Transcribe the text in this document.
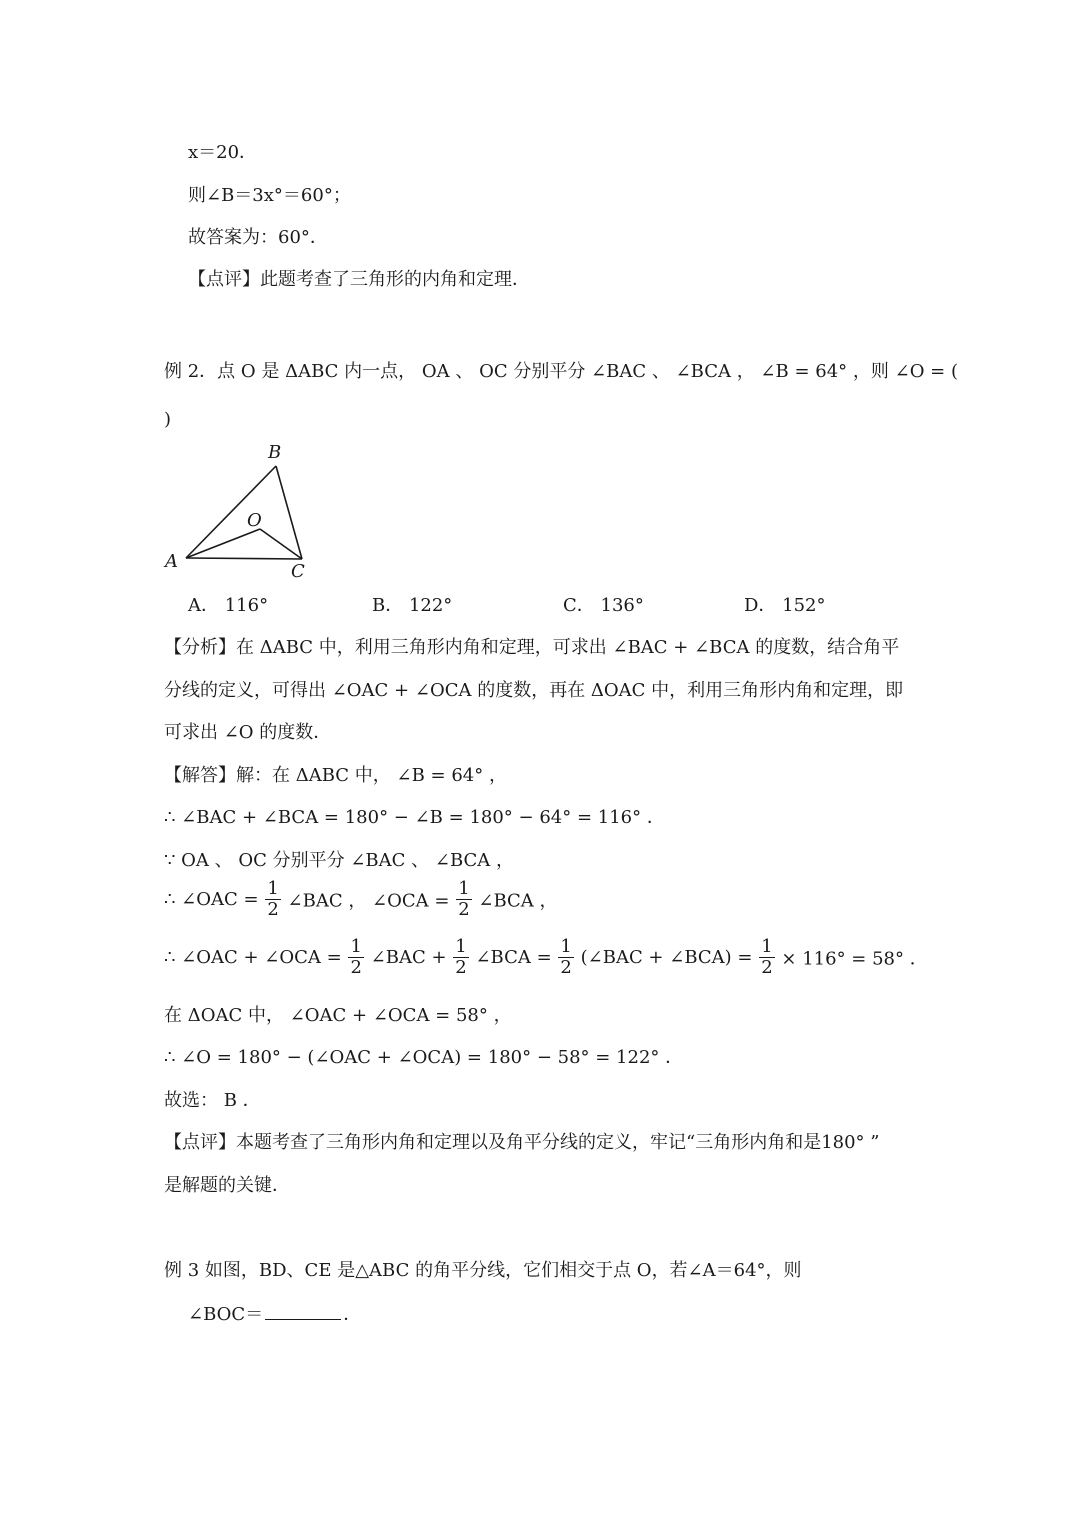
x＝20．
则∠B＝3x°＝60°；
故答案为：60°．
【点评】此题考查了三角形的内角和定理．
例 2．点 O 是 ΔABC 内一点， OA 、 OC 分别平分 ∠BAC 、 ∠BCA ， ∠B = 64° ，则 ∠O = (
)
A
B
C
O
A． 116°	B． 122°	C． 136°	D． 152°
【分析】在 ΔABC 中，利用三角形内角和定理，可求出 ∠BAC + ∠BCA 的度数，结合角平
分线的定义，可得出 ∠OAC + ∠OCA 的度数，再在 ΔOAC 中，利用三角形内角和定理，即
可求出 ∠O 的度数．
【解答】解：在 ΔABC 中， ∠B = 64° ，
∴ ∠BAC + ∠BCA = 180° − ∠B = 180° − 64° = 116° ．
∵ OA 、 OC 分别平分 ∠BAC 、 ∠BCA ，
∴ ∠OAC = $\frac{1}{2}$ ∠BAC ， ∠OCA = $\frac{1}{2}$ ∠BCA ，
∴ ∠OAC + ∠OCA = $\frac{1}{2}$ ∠BAC + $\frac{1}{2}$ ∠BCA = $\frac{1}{2}$ (∠BAC + ∠BCA) = $\frac{1}{2} \times 116^\circ = 58^\circ$ ．
在 ΔOAC 中， ∠OAC + ∠OCA = 58° ，
∴ ∠O = 180° − (∠OAC + ∠OCA) = 180° − 58° = 122° ．
故选： B ．
【点评】本题考查了三角形内角和定理以及角平分线的定义，牢记“三角形内角和是180° ”
是解题的关键．
例 3 如图，BD、CE 是△ABC 的角平分线，它们相交于点 O，若∠A＝64°，则
∠BOC＝	．
